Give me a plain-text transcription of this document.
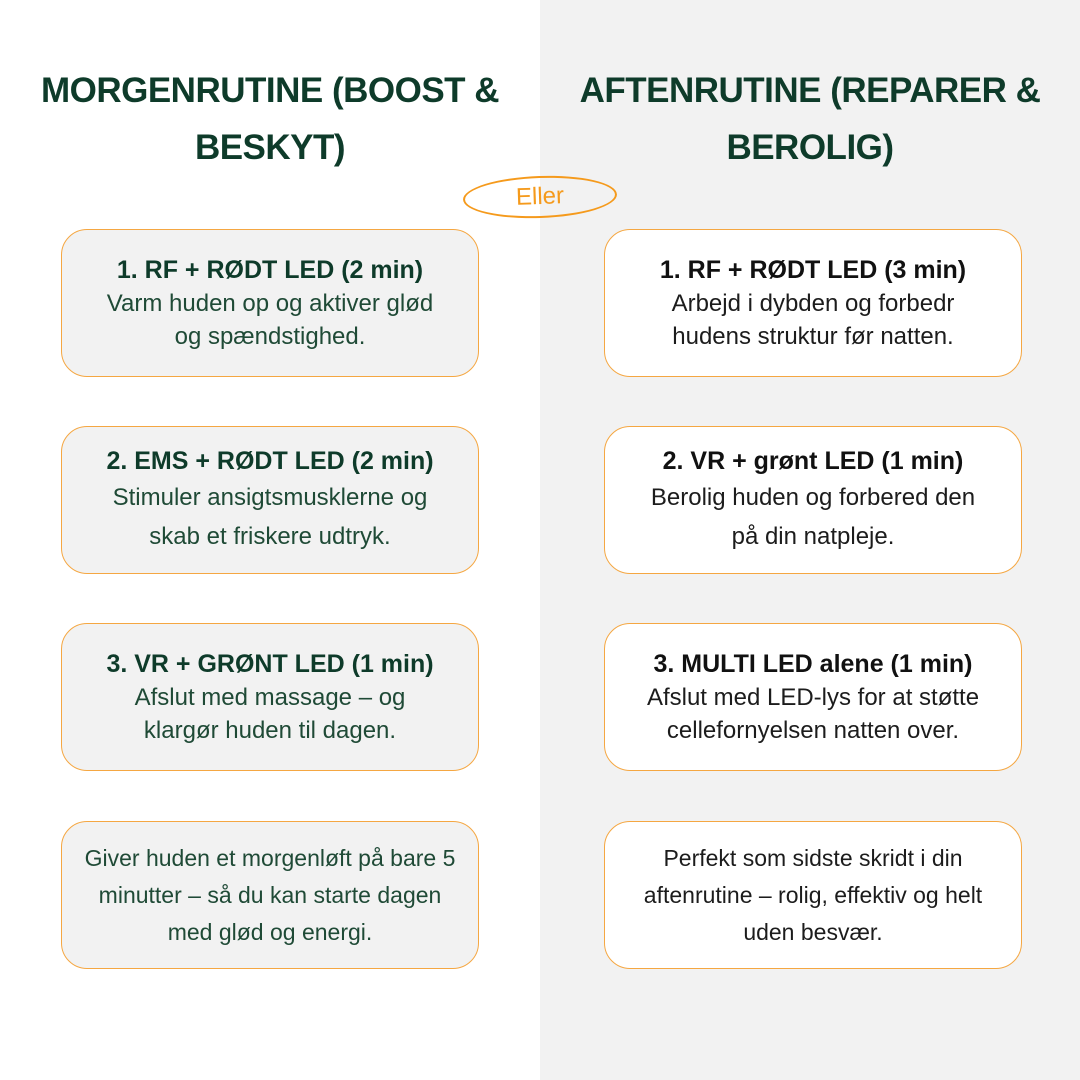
MORGENRUTINE (BOOST & BESKYT)

1. RF + RØDT LED (2 min)

Varm huden op og aktiver glød og spændstighed.

2. EMS + RØDT LED (2 min)

Stimuler ansigtsmusklerne og skab et friskere udtryk.

3. VR + GRØNT LED (1 min)

Afslut med massage – og klargør huden til dagen.

Giver huden et morgenløft på bare 5 minutter – så du kan starte dagen med glød og energi.

AFTENRUTINE (REPARER & BEROLIG)

1. RF + RØDT LED (3 min)

Arbejd i dybden og forbedr hudens struktur før natten.

2. VR + grønt LED (1 min)

Berolig huden og forbered den på din natpleje.

3. MULTI LED alene (1 min)

Afslut med LED-lys for at støtte cellefornyelsen natten over.

Perfekt som sidste skridt i din aftenrutine – rolig, effektiv og helt uden besvær.

Eller
